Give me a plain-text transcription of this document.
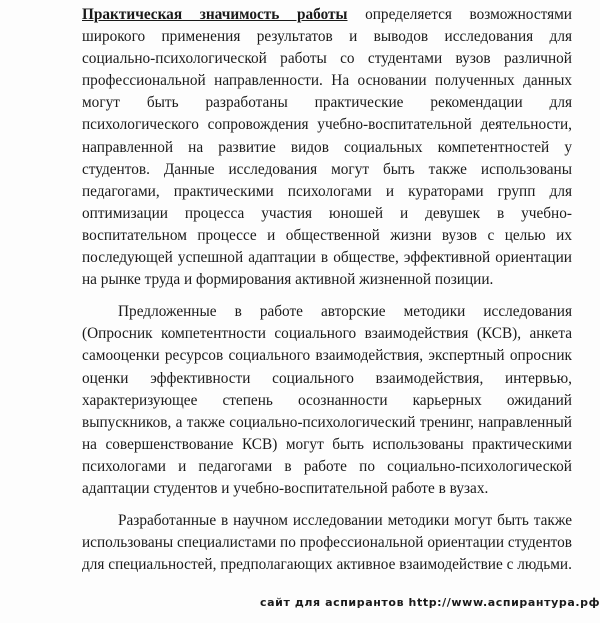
Практическая значимость работы определяется возможностями широкого применения результатов и выводов исследования для социально-психологической работы со студентами вузов различной профессиональной направленности. На основании полученных данных могут быть разработаны практические рекомендации для психологического сопровождения учебно-воспитательной деятельности, направленной на развитие видов социальных компетентностей у студентов. Данные исследования могут быть также использованы педагогами, практическими психологами и кураторами групп для оптимизации процесса участия юношей и девушек в учебно-воспитательном процессе и общественной жизни вузов с целью их последующей успешной адаптации в обществе, эффективной ориентации на рынке труда и формирования активной жизненной позиции.

Предложенные в работе авторские методики исследования (Опросник компетентности социального взаимодействия (КСВ), анкета самооценки ресурсов социального взаимодействия, экспертный опросник оценки эффективности социального взаимодействия, интервью, характеризующее степень осознанности карьерных ожиданий выпускников, а также социально-психологический тренинг, направленный на совершенствование КСВ) могут быть использованы практическими психологами и педагогами в работе по социально-психологической адаптации студентов и учебно-воспитательной работе в вузах.

Разработанные в научном исследовании методики могут быть также использованы специалистами по профессиональной ориентации студентов для специальностей, предполагающих активное взаимодействие с людьми.

сайт для аспирантов http://www.аспирантура.рф
